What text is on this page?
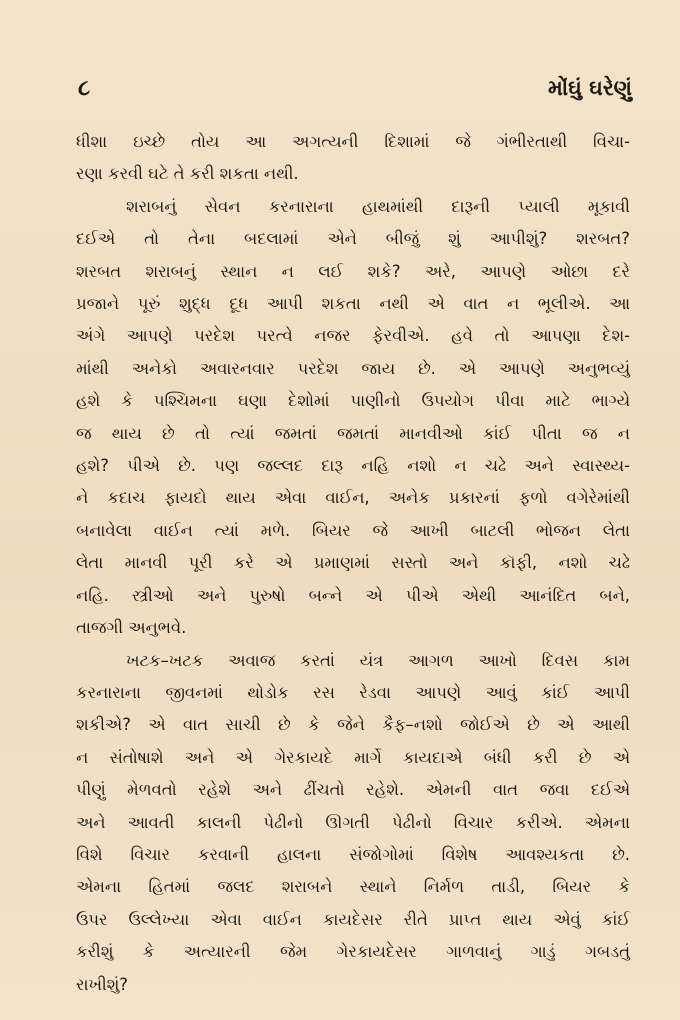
૮	મોંઘું ઘરેણું
ધીશા ઇચ્છે તોય આ અગત્યની દિશામાં જે ગંભીરતાથી વિચા-
રણા કરવી ઘટે તે કરી શકતા નથી.
શરાબનું સેવન કરનારાના હાથમાંથી દારૂની પ્યાલી મૂકાવી
દઈએ તો તેના બદલામાં એને બીજું શું આપીશું? શરબત?
શરબત શરાબનું સ્થાન ન લઈ શકે? અરે, આપણે ઓછા દરે
પ્રજાને પૂરું શુદ્ધ દૂધ આપી શકતા નથી એ વાત ન ભૂલીએ. આ
અંગે આપણે પરદેશ પરત્વે નજર ફેરવીએ. હવે તો આપણા દેશ-
માંથી અનેકો અવારનવાર પરદેશ જાય છે. એ આપણે અનુભવ્યું
હશે કે પશ્ચિમના ઘણા દેશોમાં પાણીનો ઉપયોગ પીવા માટે ભાગ્યે
જ થાય છે તો ત્યાં જમતાં જમતાં માનવીઓ કાંઈ પીતા જ ન
હશે? પીએ છે. પણ જલ્લદ દારૂ નહિ નશો ન ચઢે અને સ્વાસ્થ્ય-
ને કદાચ ફાયદો થાય એવા વાઈન, અનેક પ્રકારનાં ફળો વગેરેમાંથી
બનાવેલા વાઈન ત્યાં મળે. બિયર જે આખી બાટલી ભોજન લેતા
લેતા માનવી પૂરી કરે એ પ્રમાણમાં સસ્તો અને કૉફી, નશો ચઢે
નહિ. સ્ત્રીઓ અને પુરુષો બન્ને એ પીએ એથી આનંદિત બને,
તાજગી અનુભવે.
ખટક–ખટક અવાજ કરતાં યંત્ર આગળ આખો દિવસ કામ
કરનારાના જીવનમાં થોડોક રસ રેડવા આપણે આવું કાંઈ આપી
શકીએ? એ વાત સાચી છે કે જેને કૈફ–નશો જોઈએ છે એ આથી
ન સંતોષાશે અને એ ગેરકાયદે માર્ગે કાયદાએ બંધી કરી છે એ
પીણું મેળવતો રહેશે અને ઢીંચતો રહેશે. એમની વાત જવા દઈએ
અને આવતી કાલની પેઢીનો ઊગતી પેઢીનો વિચાર કરીએ. એમના
વિશે વિચાર કરવાની હાલના સંજોગોમાં વિશેષ આવશ્યકતા છે.
એમના હિતમાં જલદ શરાબને સ્થાને નિર્મળ તાડી, બિયર કે
ઉપર ઉલ્લેખ્યા એવા વાઈન કાયદેસર રીતે પ્રાપ્ત થાય એવું કાંઈ
કરીશું કે અત્યારની જેમ ગેરકાયદેસર ગાળવાનું ગાડું ગબડતું
રાખીશું?
